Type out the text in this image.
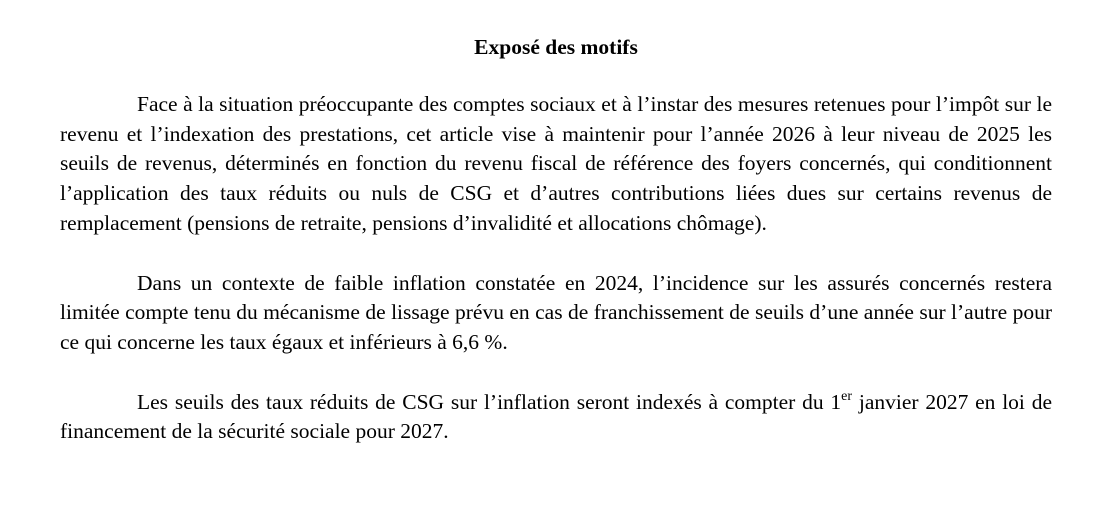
Exposé des motifs

Face à la situation préoccupante des comptes sociaux et à l’instar des mesures retenues pour l’impôt sur le revenu et l’indexation des prestations, cet article vise à maintenir pour l’année 2026 à leur niveau de 2025 les seuils de revenus, déterminés en fonction du revenu fiscal de référence des foyers concernés, qui conditionnent l’application des taux réduits ou nuls de CSG et d’autres contributions liées dues sur certains revenus de remplacement (pensions de retraite, pensions d’invalidité et allocations chômage).

Dans un contexte de faible inflation constatée en 2024, l’incidence sur les assurés concernés restera limitée compte tenu du mécanisme de lissage prévu en cas de franchissement de seuils d’une année sur l’autre pour ce qui concerne les taux égaux et inférieurs à 6,6 %.

Les seuils des taux réduits de CSG sur l’inflation seront indexés à compter du 1er janvier 2027 en loi de financement de la sécurité sociale pour 2027.
